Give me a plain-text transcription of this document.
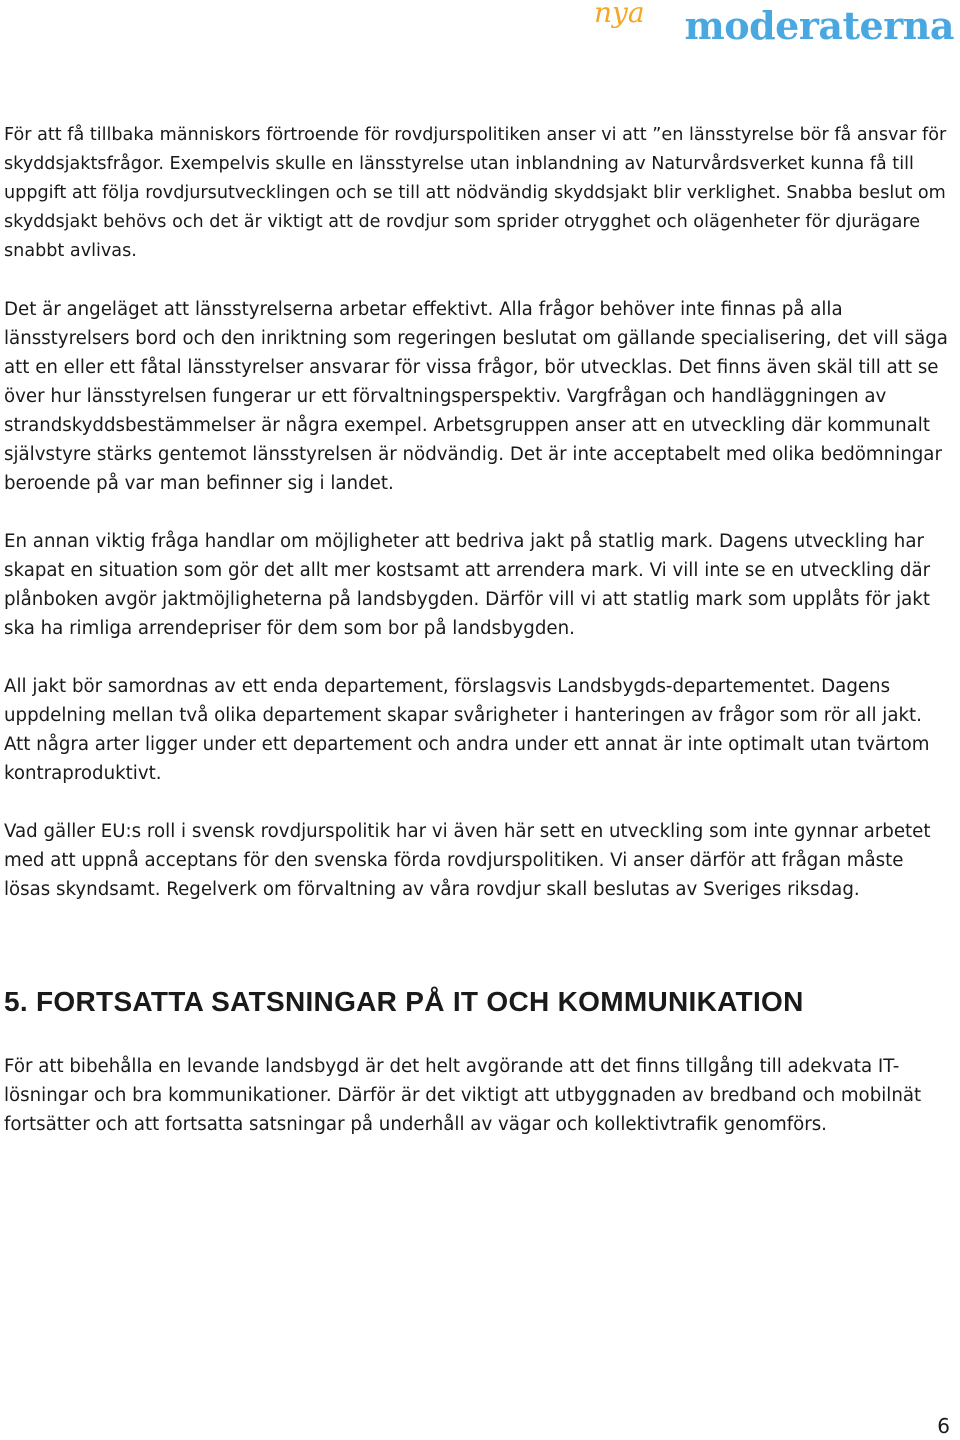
nya moderaterna

För att få tillbaka människors förtroende för rovdjurspolitiken anser vi att ”en länsstyrelse bör få ansvar för skyddsjaktsfrågor. Exempelvis skulle en länsstyrelse utan inblandning av Naturvårdsverket kunna få till uppgift att följa rovdjursutvecklingen och se till att nödvändig skyddsjakt blir verklighet. Snabba beslut om skyddsjakt behövs och det är viktigt att de rovdjur som sprider otrygghet och olägenheter för djurägare snabbt avlivas.

Det är angeläget att länsstyrelserna arbetar effektivt. Alla frågor behöver inte finnas på alla länsstyrelsers bord och den inriktning som regeringen beslutat om gällande specialisering, det vill säga att en eller ett fåtal länsstyrelser ansvarar för vissa frågor, bör utvecklas. Det finns även skäl till att se över hur länsstyrelsen fungerar ur ett förvaltningsperspektiv. Vargfrågan och handläggningen av strandskyddsbestämmelser är några exempel. Arbetsgruppen anser att en utveckling där kommunalt självstyre stärks gentemot länsstyrelsen är nödvändig. Det är inte acceptabelt med olika bedömningar beroende på var man befinner sig i landet.

En annan viktig fråga handlar om möjligheter att bedriva jakt på statlig mark. Dagens utveckling har skapat en situation som gör det allt mer kostsamt att arrendera mark. Vi vill inte se en utveckling där plånboken avgör jaktmöjligheterna på landsbygden. Därför vill vi att statlig mark som upplåts för jakt ska ha rimliga arrendepriser för dem som bor på landsbygden.

All jakt bör samordnas av ett enda departement, förslagsvis Landsbygds-departementet. Dagens uppdelning mellan två olika departement skapar svårigheter i hanteringen av frågor som rör all jakt. Att några arter ligger under ett departement och andra under ett annat är inte optimalt utan tvärtom kontraproduktivt.

Vad gäller EU:s roll i svensk rovdjurspolitik har vi även här sett en utveckling som inte gynnar arbetet med att uppnå acceptans för den svenska förda rovdjurspolitiken. Vi anser därför att frågan måste lösas skyndsamt. Regelverk om förvaltning av våra rovdjur skall beslutas av Sveriges riksdag.

5. FORTSATTA SATSNINGAR PÅ IT OCH KOMMUNIKATION

För att bibehålla en levande landsbygd är det helt avgörande att det finns tillgång till adekvata IT-lösningar och bra kommunikationer. Därför är det viktigt att utbyggnaden av bredband och mobilnät fortsätter och att fortsatta satsningar på underhåll av vägar och kollektivtrafik genomförs.

6
